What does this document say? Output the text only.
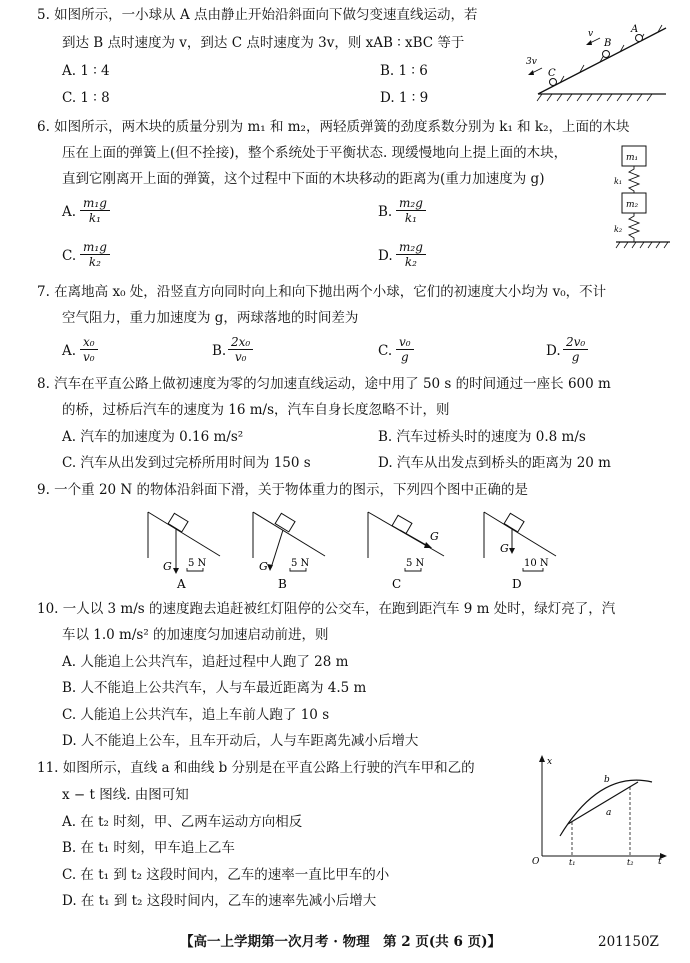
5. 如图所示，一小球从 A 点由静止开始沿斜面向下做匀变速直线运动，若
到达 B 点时速度为 v，到达 C 点时速度为 3v，则 xAB ∶ xBC 等于
A. 1 ∶ 4	B. 1 ∶ 6
C. 1 ∶ 8	D. 1 ∶ 9
A
B
C
v
3v
6. 如图所示，两木块的质量分别为 m₁ 和 m₂，两轻质弹簧的劲度系数分别为 k₁ 和 k₂，上面的木块
压在上面的弹簧上(但不拴接)，整个系统处于平衡状态. 现缓慢地向上提上面的木块，
直到它刚离开上面的弹簧，这个过程中下面的木块移动的距离为(重力加速度为 g)
A. $\frac{\text{m₁g}}{\text{k₁}}$	B. $\frac{\text{m₂g}}{\text{k₁}}$
C. $\frac{\text{m₁g}}{\text{k₂}}$	D. $\frac{\text{m₂g}}{\text{k₂}}$
m₁
k₁
m₂
k₂
7. 在离地高 x₀ 处，沿竖直方向同时向上和向下抛出两个小球，它们的初速度大小均为 v₀，不计
空气阻力，重力加速度为 g，两球落地的时间差为
A. $\frac{\text{x₀}}{\text{v₀}}$	B. $\frac{\text{2x₀}}{\text{v₀}}$	C. $\frac{\text{v₀}}{g}$	D. $\frac{\text{2v₀}}{g}$
8. 汽车在平直公路上做初速度为零的匀加速直线运动，途中用了 50 s 的时间通过一座长 600 m
的桥，过桥后汽车的速度为 16 m/s，汽车自身长度忽略不计，则
A. 汽车的加速度为 0.16 m/s²	B. 汽车过桥头时的速度为 0.8 m/s
C. 汽车从出发到过完桥所用时间为 150 s	D. 汽车从出发点到桥头的距离为 20 m
9. 一个重 20 N 的物体沿斜面下滑，关于物体重力的图示，下列四个图中正确的是
G 5 N
A
G 5 N
B
G
5 N
C
G
10 N
D
10. 一人以 3 m/s 的速度跑去追赶被红灯阻停的公交车，在跑到距汽车 9 m 处时，绿灯亮了，汽
车以 1.0 m/s² 的加速度匀加速启动前进，则
A. 人能追上公共汽车，追赶过程中人跑了 28 m
B. 人不能追上公共汽车，人与车最近距离为 4.5 m
C. 人能追上公共汽车，追上车前人跑了 10 s
D. 人不能追上公车，且车开动后，人与车距离先减小后增大
11. 如图所示，直线 a 和曲线 b 分别是在平直公路上行驶的汽车甲和乙的
x − t 图线. 由图可知
A. 在 t₂ 时刻，甲、乙两车运动方向相反
B. 在 t₁ 时刻，甲车追上乙车
C. 在 t₁ 到 t₂ 这段时间内，乙车的速率一直比甲车的小
D. 在 t₁ 到 t₂ 这段时间内，乙车的速率先减小后增大
x
t
O
a
b
t₁	t₂
【高一上学期第一次月考 · 物理　第 2 页(共 6 页)】	201150Z
